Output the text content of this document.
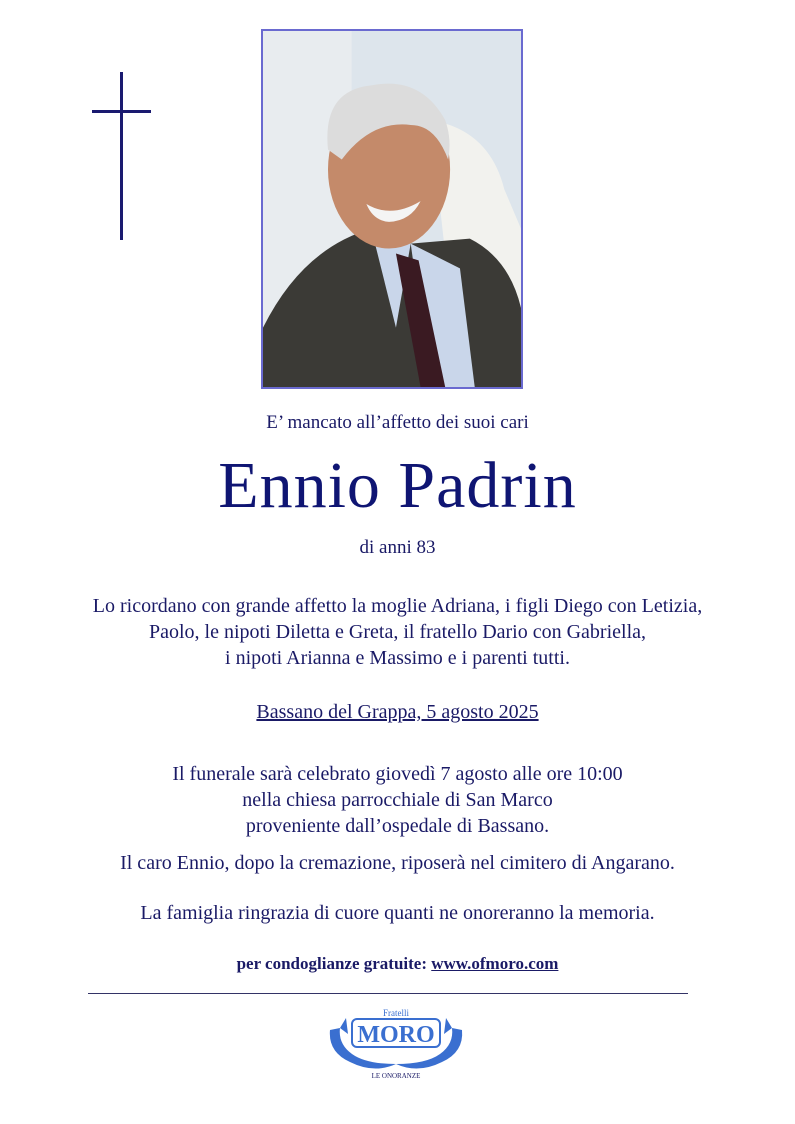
E’ mancato all’affetto dei suoi cari
Ennio Padrin
di anni 83
Lo ricordano con grande affetto la moglie Adriana, i figli Diego con Letizia,
Paolo, le nipoti Diletta e Greta, il fratello Dario con Gabriella,
i nipoti Arianna e Massimo e i parenti tutti.
Bassano del Grappa, 5 agosto 2025
Il funerale sarà celebrato giovedì 7 agosto alle ore 10:00
nella chiesa parrocchiale di San Marco
proveniente dall’ospedale di Bassano.
Il caro Ennio, dopo la cremazione, riposerà nel cimitero di Angarano.
La famiglia ringrazia di cuore quanti ne onoreranno la memoria.
per condoglianze gratuite: www.ofmoro.com
Fratelli
MORO
LE ONORANZE
